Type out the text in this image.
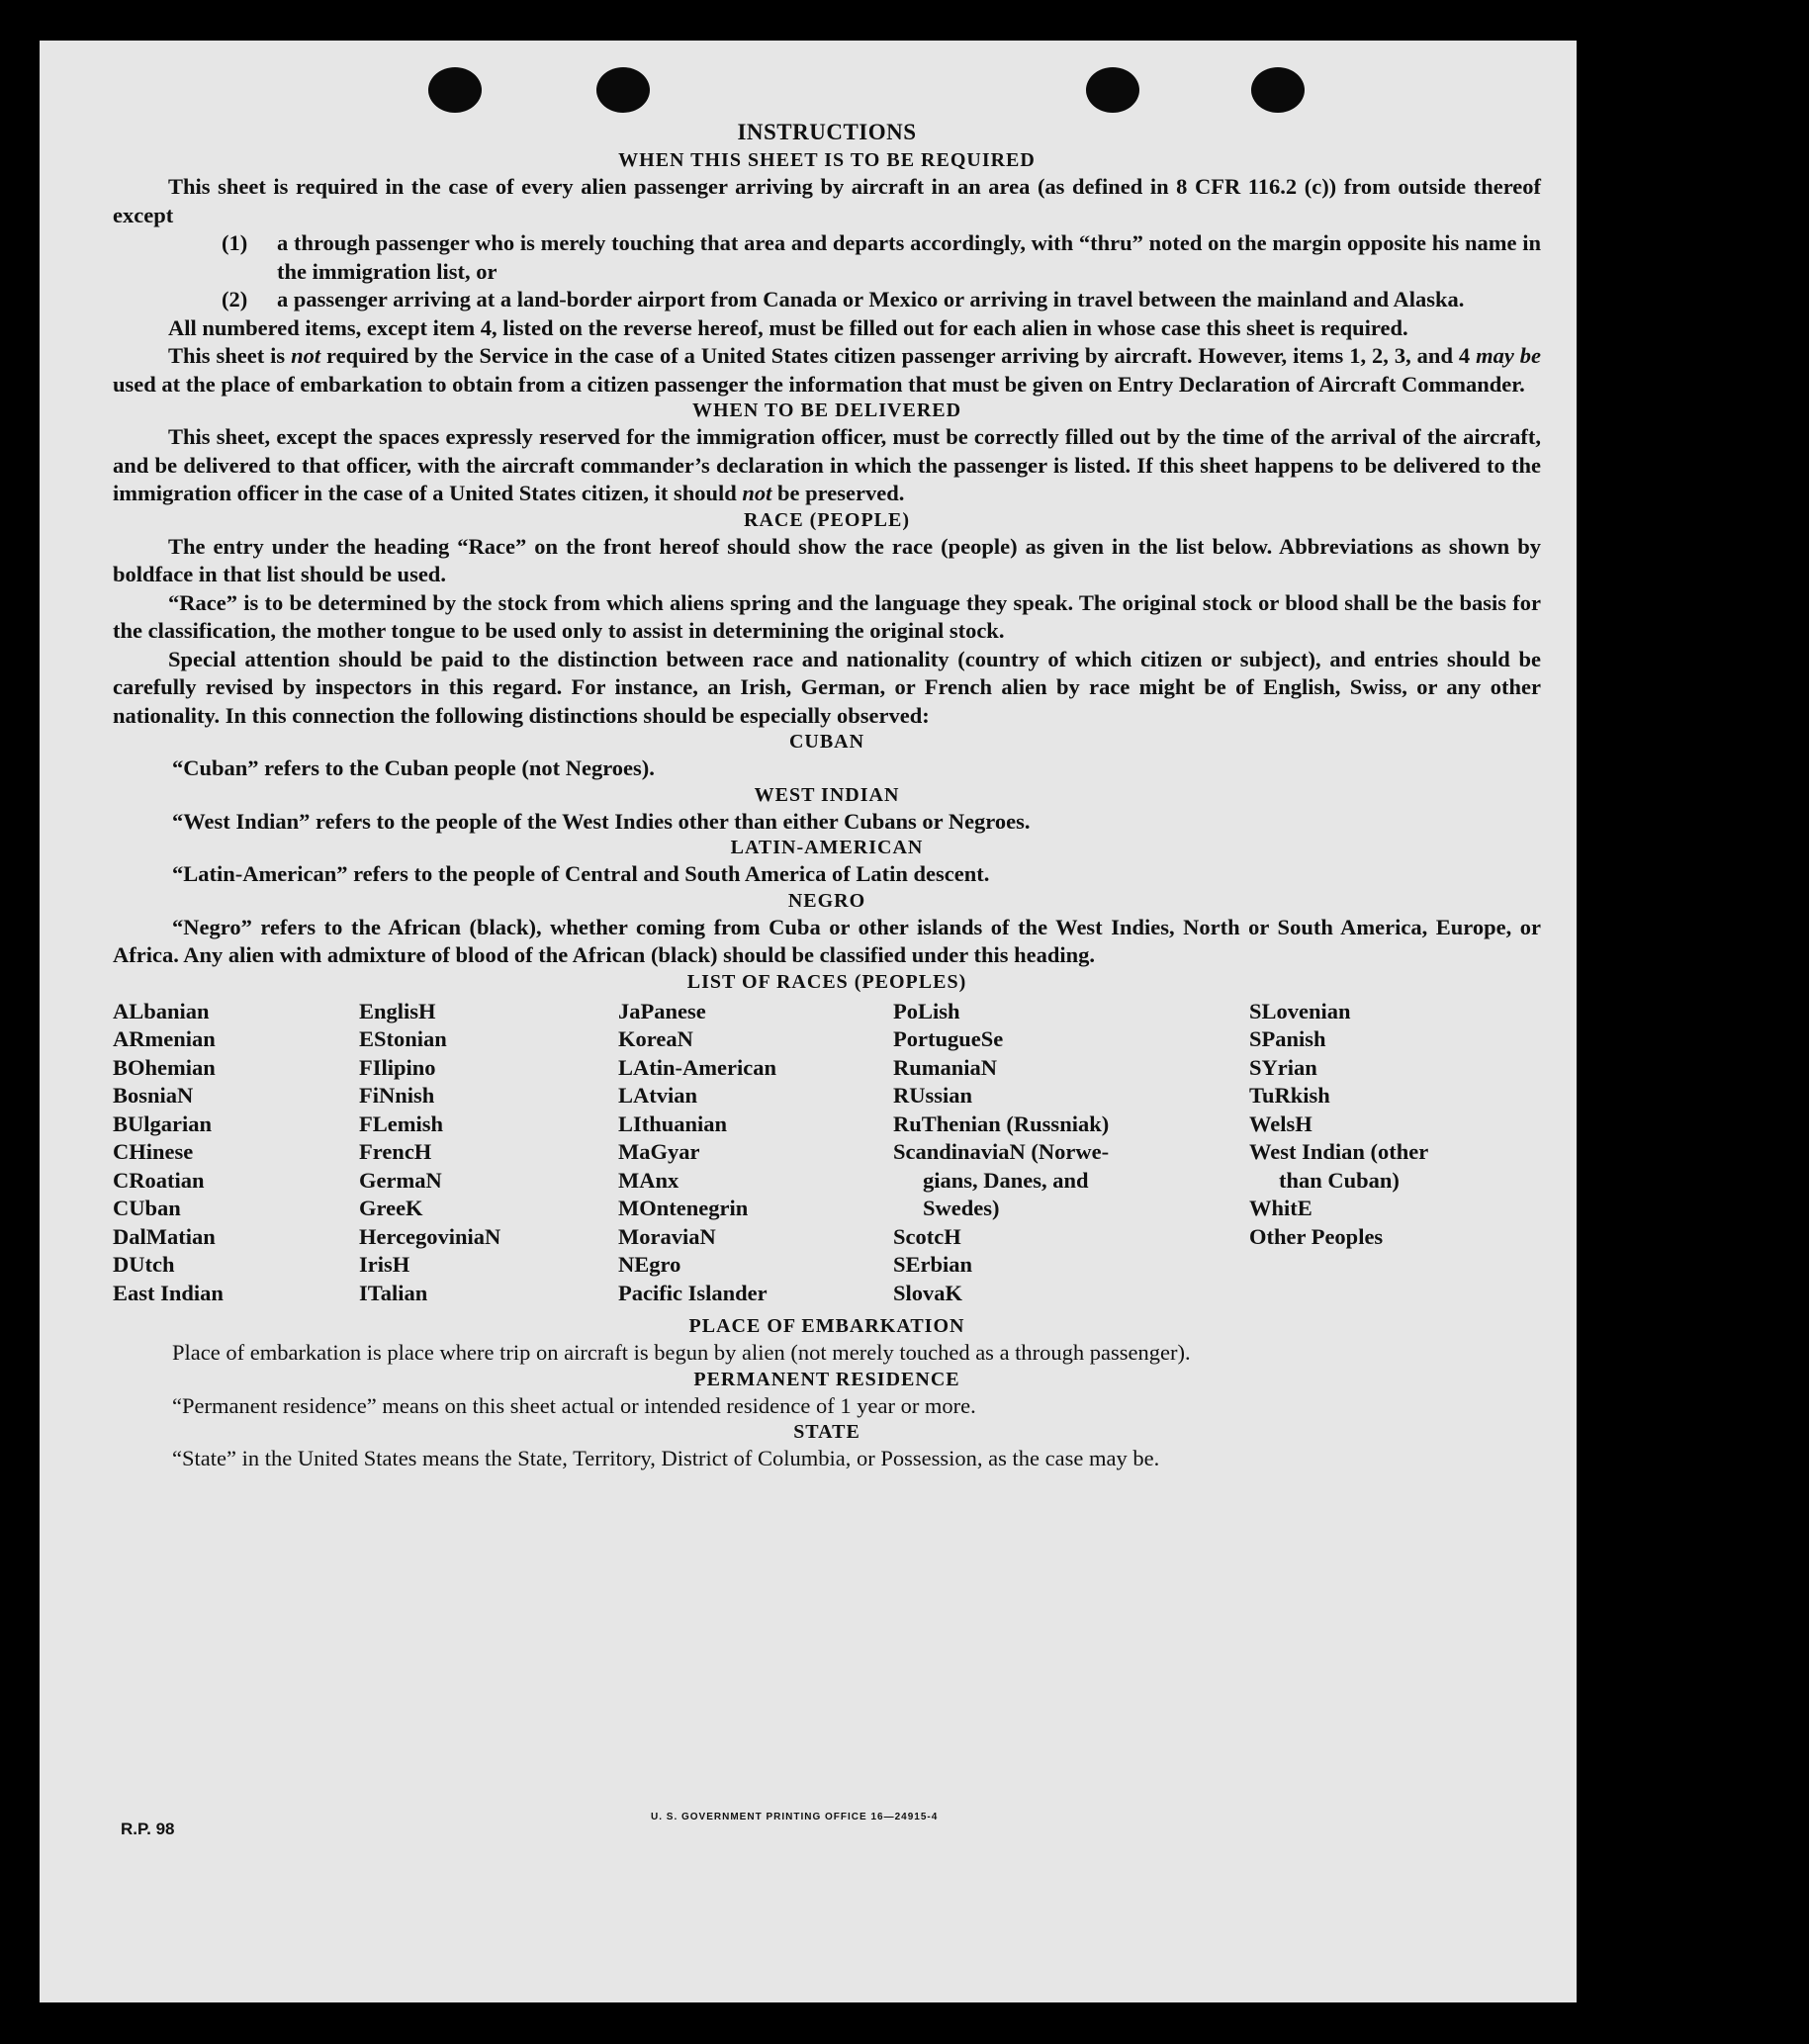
INSTRUCTIONS
WHEN THIS SHEET IS TO BE REQUIRED

This sheet is required in the case of every alien passenger arriving by aircraft in an area (as defined in 8 CFR 116.2 (c)) from outside thereof except

(1)	a through passenger who is merely touching that area and departs accordingly, with “thru” noted on the margin opposite his name in the immigration list, or
(2)	a passenger arriving at a land-border airport from Canada or Mexico or arriving in travel between the mainland and Alaska.

All numbered items, except item 4, listed on the reverse hereof, must be filled out for each alien in whose case this sheet is required.

This sheet is not required by the Service in the case of a United States citizen passenger arriving by aircraft. However, items 1, 2, 3, and 4 may be used at the place of embarkation to obtain from a citizen passenger the information that must be given on Entry Declaration of Aircraft Commander.

WHEN TO BE DELIVERED

This sheet, except the spaces expressly reserved for the immigration officer, must be correctly filled out by the time of the arrival of the aircraft, and be delivered to that officer, with the aircraft commander’s declaration in which the passenger is listed. If this sheet happens to be delivered to the immigration officer in the case of a United States citizen, it should not be preserved.

RACE (PEOPLE)

The entry under the heading “Race” on the front hereof should show the race (people) as given in the list below. Abbreviations as shown by boldface in that list should be used.

“Race” is to be determined by the stock from which aliens spring and the language they speak. The original stock or blood shall be the basis for the classification, the mother tongue to be used only to assist in determining the original stock.

Special attention should be paid to the distinction between race and nationality (country of which citizen or subject), and entries should be carefully revised by inspectors in this regard. For instance, an Irish, German, or French alien by race might be of English, Swiss, or any other nationality. In this connection the following distinctions should be especially observed:

CUBAN

“Cuban” refers to the Cuban people (not Negroes).

WEST INDIAN

“West Indian” refers to the people of the West Indies other than either Cubans or Negroes.

LATIN-AMERICAN

“Latin-American” refers to the people of Central and South America of Latin descent.

NEGRO

“Negro” refers to the African (black), whether coming from Cuba or other islands of the West Indies, North or South America, Europe, or Africa. Any alien with admixture of blood of the African (black) should be classified under this heading.

LIST OF RACES (PEOPLES)
ALbanian
ARmenian
BOhemian
BosniaN
BUlgarian
CHinese
CRoatian
CUban
DalMatian
DUtch
East Indian
EnglisH
EStonian
FIlipino
FiNnish
FLemish
FrencH
GermaN
GreeK
HercegoviniaN
IrisH
ITalian
JaPanese
KoreaN
LAtin-American
LAtvian
LIthuanian
MaGyar
MAnx
MOntenegrin
MoraviaN
NEgro
Pacific Islander
PoLish
PortugueSe
RumaniaN
RUssian
RuThenian (Russniak)
ScandinaviaN (Norwe-
gians, Danes, and
Swedes)
ScotcH
SErbian
SlovaK
SLovenian
SPanish
SYrian
TuRkish
WelsH
West Indian (other
than Cuban)
WhitE
Other Peoples
PLACE OF EMBARKATION

Place of embarkation is place where trip on aircraft is begun by alien (not merely touched as a through passenger).

PERMANENT RESIDENCE

“Permanent residence” means on this sheet actual or intended residence of 1 year or more.

STATE

“State” in the United States means the State, Territory, District of Columbia, or Possession, as the case may be.

R.P. 98
U. S. GOVERNMENT PRINTING OFFICE 16—24915-4
